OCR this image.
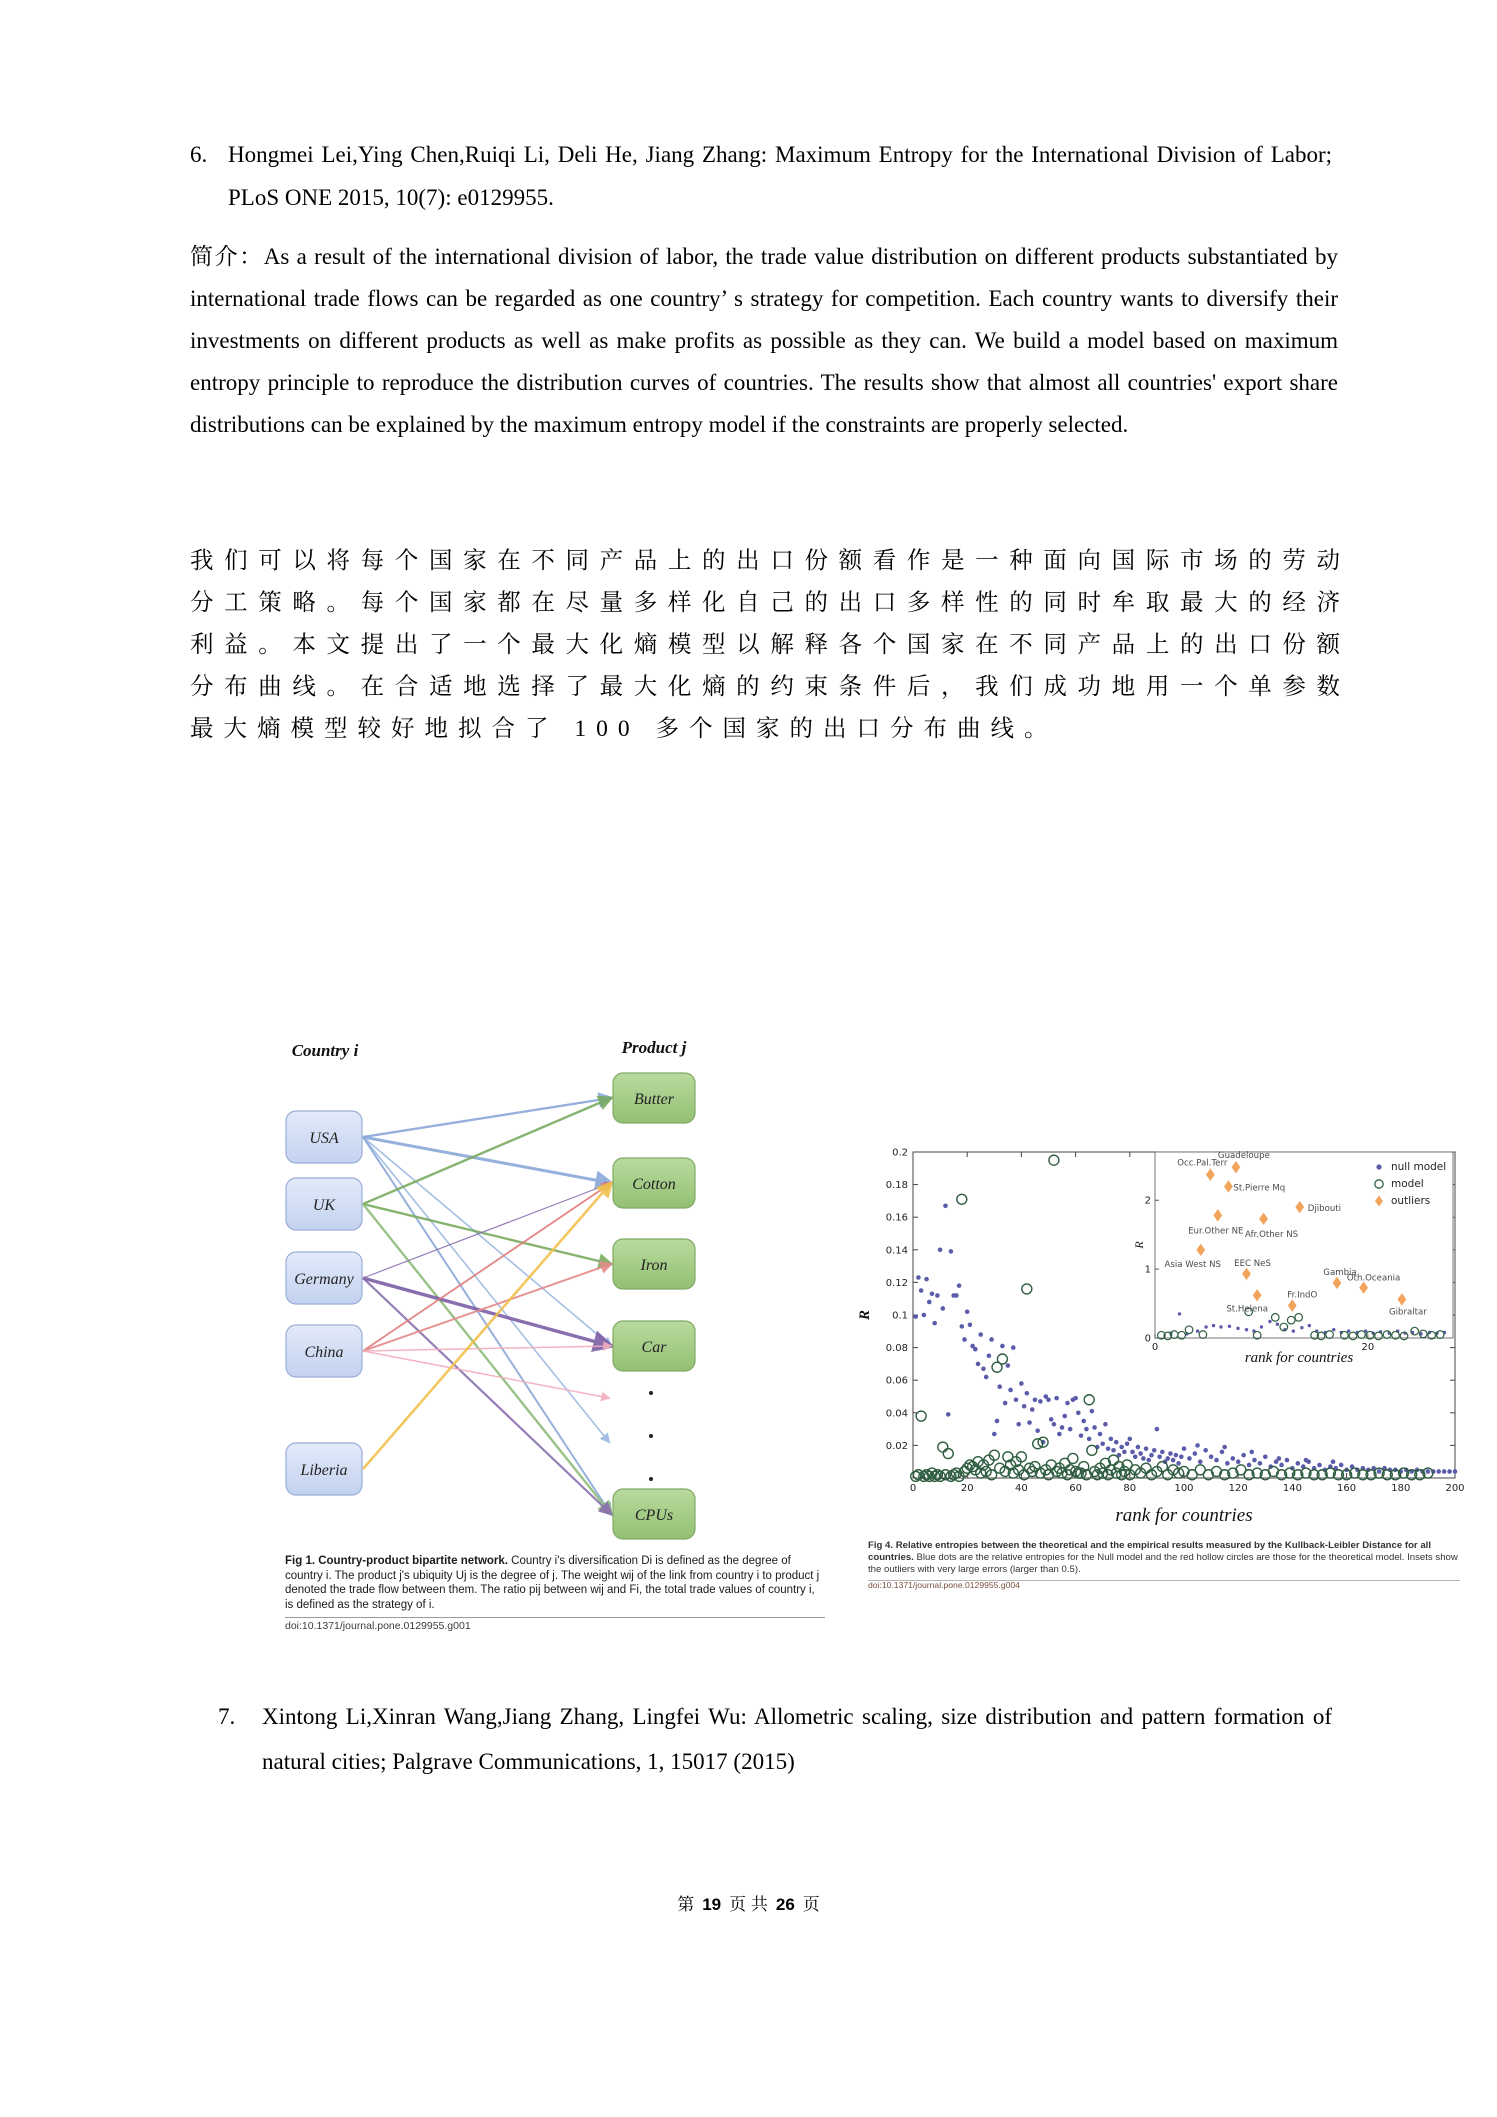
6. Hongmei Lei,Ying Chen,Ruiqi Li, Deli He, Jiang Zhang: Maximum Entropy for the International Division of Labor; PLoS ONE 2015, 10(7): e0129955.

简介：As a result of the international division of labor, the trade value distribution on different products substantiated by international trade flows can be regarded as one country’ s strategy for competition. Each country wants to diversify their investments on different products as well as make profits as possible as they can. We build a model based on maximum entropy principle to reproduce the distribution curves of countries. The results show that almost all countries' export share distributions can be explained by the maximum entropy model if the constraints are properly selected.

我们可以将每个国家在不同产品上的出口份额看作是一种面向国际市场的劳动分工策略。每个国家都在尽量多样化自己的出口多样性的同时牟取最大的经济利益。本文提出了一个最大化熵模型以解释各个国家在不同产品上的出口份额分布曲线。在合适地选择了最大化熵的约束条件后，我们成功地用一个单参数最大熵模型较好地拟合了 100 多个国家的出口分布曲线。

Country i	Product j
USA
UK
Germany
China
Liberia
Butter
Cotton
Iron
Car
CPUs
Fig 1. Country-product bipartite network. Country i's diversification Di is defined as the degree of country i. The product j's ubiquity Uj is the degree of j. The weight wij of the link from country i to product j denoted the trade flow between them. The ratio pij between wij and Fi, the total trade values of country i, is defined as the strategy of i.
doi:10.1371/journal.pone.0129955.g001
0	20	40	60	80	100	120	140	160	180	200
0.02
0.04
0.06
0.08
0.1
0.12
0.14
0.16
0.18
0.2
rank for countries
R
0	20
0
1
2
Occ.Pal.Terr
Guadeloupe
St.Pierre Mq
Eur.Other NE Afr.Other NS
Djibouti
Asia West NS EEC NeS
St.Helena
Fr.IndO
Gambia
Oth.Oceania
Gibraltar
rank for countries
R
null model
model
outliers
Fig 4. Relative entropies between the theoretical and the empirical results measured by the Kullback-Leibler Distance for all countries. Blue dots are the relative entropies for the Null model and the red hollow circles are those for the theoretical model. Insets show the outliers with very large errors (larger than 0.5).
doi:10.1371/journal.pone.0129955.g004
7. Xintong Li,Xinran Wang,Jiang Zhang, Lingfei Wu: Allometric scaling, size distribution and pattern formation of natural cities; Palgrave Communications, 1, 15017 (2015)
第 19 页 共 26 页
